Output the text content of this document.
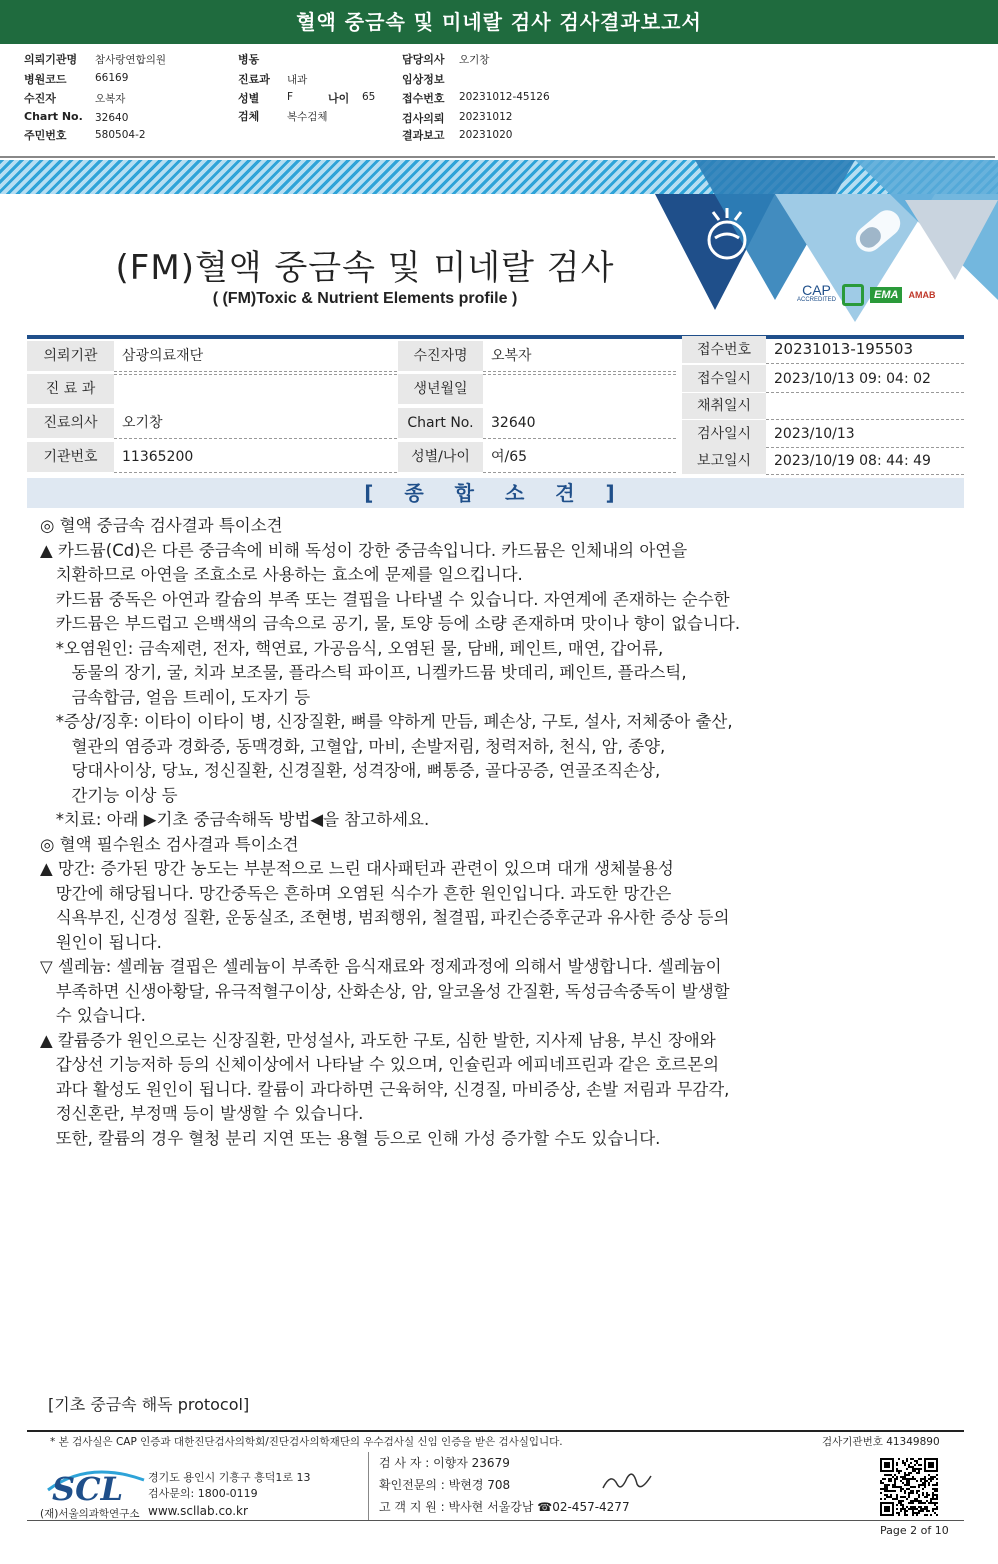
혈액 중금속 및 미네랄 검사 검사결과보고서
의뢰기관명 참사랑연합의원
병원코드	66169
수진자	오복자
Chart No. 32640
주민번호	580504-2
병동
진료과 내과
성별	F	나이 65
검체	복수검체
담당의사 오기창
임상정보
접수번호 20231012-45126
검사의뢰 20231012
결과보고 20231020
(FM)혈액 중금속 및 미네랄 검사
( (FM)Toxic & Nutrient Elements profile )	CAP
ACCREDITED	EMA	AMAB
의뢰기관	삼광의료재단
진 료 과
진료의사	오기창
기관번호	11365200
수진자명	오복자
생년월일
Chart No.	32640
성별/나이	여/65
접수번호	20231013-195503
접수일시	2023/10/13 09: 04: 02
채취일시
검사일시	2023/10/13
보고일시	2023/10/19 08: 44: 49
[ 종 합 소 견 ]

◎ 혈액 중금속 검사결과 특이소견

▲ 카드뮴(Cd)은 다른 중금속에 비해 독성이 강한 중금속입니다. 카드뮴은 인체내의 아연을

치환하므로 아연을 조효소로 사용하는 효소에 문제를 일으킵니다.

카드뮴 중독은 아연과 칼슘의 부족 또는 결핍을 나타낼 수 있습니다. 자연계에 존재하는 순수한

카드뮴은 부드럽고 은백색의 금속으로 공기, 물, 토양 등에 소량 존재하며 맛이나 향이 없습니다.

*오염원인: 금속제련, 전자, 핵연료, 가공음식, 오염된 물, 담배, 페인트, 매연, 갑어류,

동물의 장기, 굴, 치과 보조물, 플라스틱 파이프, 니켈카드뮴 밧데리, 페인트, 플라스틱,

금속합금, 얼음 트레이, 도자기 등

*증상/징후: 이타이 이타이 병, 신장질환, 뼈를 약하게 만듬, 폐손상, 구토, 설사, 저체중아 출산,

혈관의 염증과 경화증, 동맥경화, 고혈압, 마비, 손발저림, 청력저하, 천식, 암, 종양,

당대사이상, 당뇨, 정신질환, 신경질환, 성격장애, 뼈통증, 골다공증, 연골조직손상,

간기능 이상 등

*치료: 아래 ▶기초 중금속해독 방법◀을 참고하세요.

◎ 혈액 필수원소 검사결과 특이소견

▲ 망간: 증가된 망간 농도는 부분적으로 느린 대사패턴과 관련이 있으며 대개 생체불용성

망간에 해당됩니다. 망간중독은 흔하며 오염된 식수가 흔한 원인입니다. 과도한 망간은

식욕부진, 신경성 질환, 운동실조, 조현병, 범죄행위, 철결핍, 파킨슨증후군과 유사한 증상 등의

원인이 됩니다.

▽ 셀레늄: 셀레늄 결핍은 셀레늄이 부족한 음식재료와 정제과정에 의해서 발생합니다. 셀레늄이

부족하면 신생아황달, 유극적혈구이상, 산화손상, 암, 알코올성 간질환, 독성금속중독이 발생할

수 있습니다.

▲ 칼륨증가 원인으로는 신장질환, 만성설사, 과도한 구토, 심한 발한, 지사제 남용, 부신 장애와

갑상선 기능저하 등의 신체이상에서 나타날 수 있으며, 인슐린과 에피네프린과 같은 호르몬의

과다 활성도 원인이 됩니다. 칼륨이 과다하면 근육허약, 신경질, 마비증상, 손발 저림과 무감각,

정신혼란, 부정맥 등이 발생할 수 있습니다.

또한, 칼륨의 경우 혈청 분리 지연 또는 용혈 등으로 인해 가성 증가할 수도 있습니다.

[기초 중금속 해독 protocol]
* 본 검사실은 CAP 인증과 대한진단검사의학회/진단검사의학재단의 우수검사실 신임 인증을 받은 검사실입니다.	검사기관번호 41349890
SCL
(재)서울의과학연구소
경기도 용인시 기흥구 흥덕1로 13
검사문의: 1800-0119
www.scllab.co.kr
검 사 자 : 이향자 23679
확인전문의 : 박현경 708
고 객 지 원 : 박사현 서울강남 ☎02-457-4277
Page 2 of 10
